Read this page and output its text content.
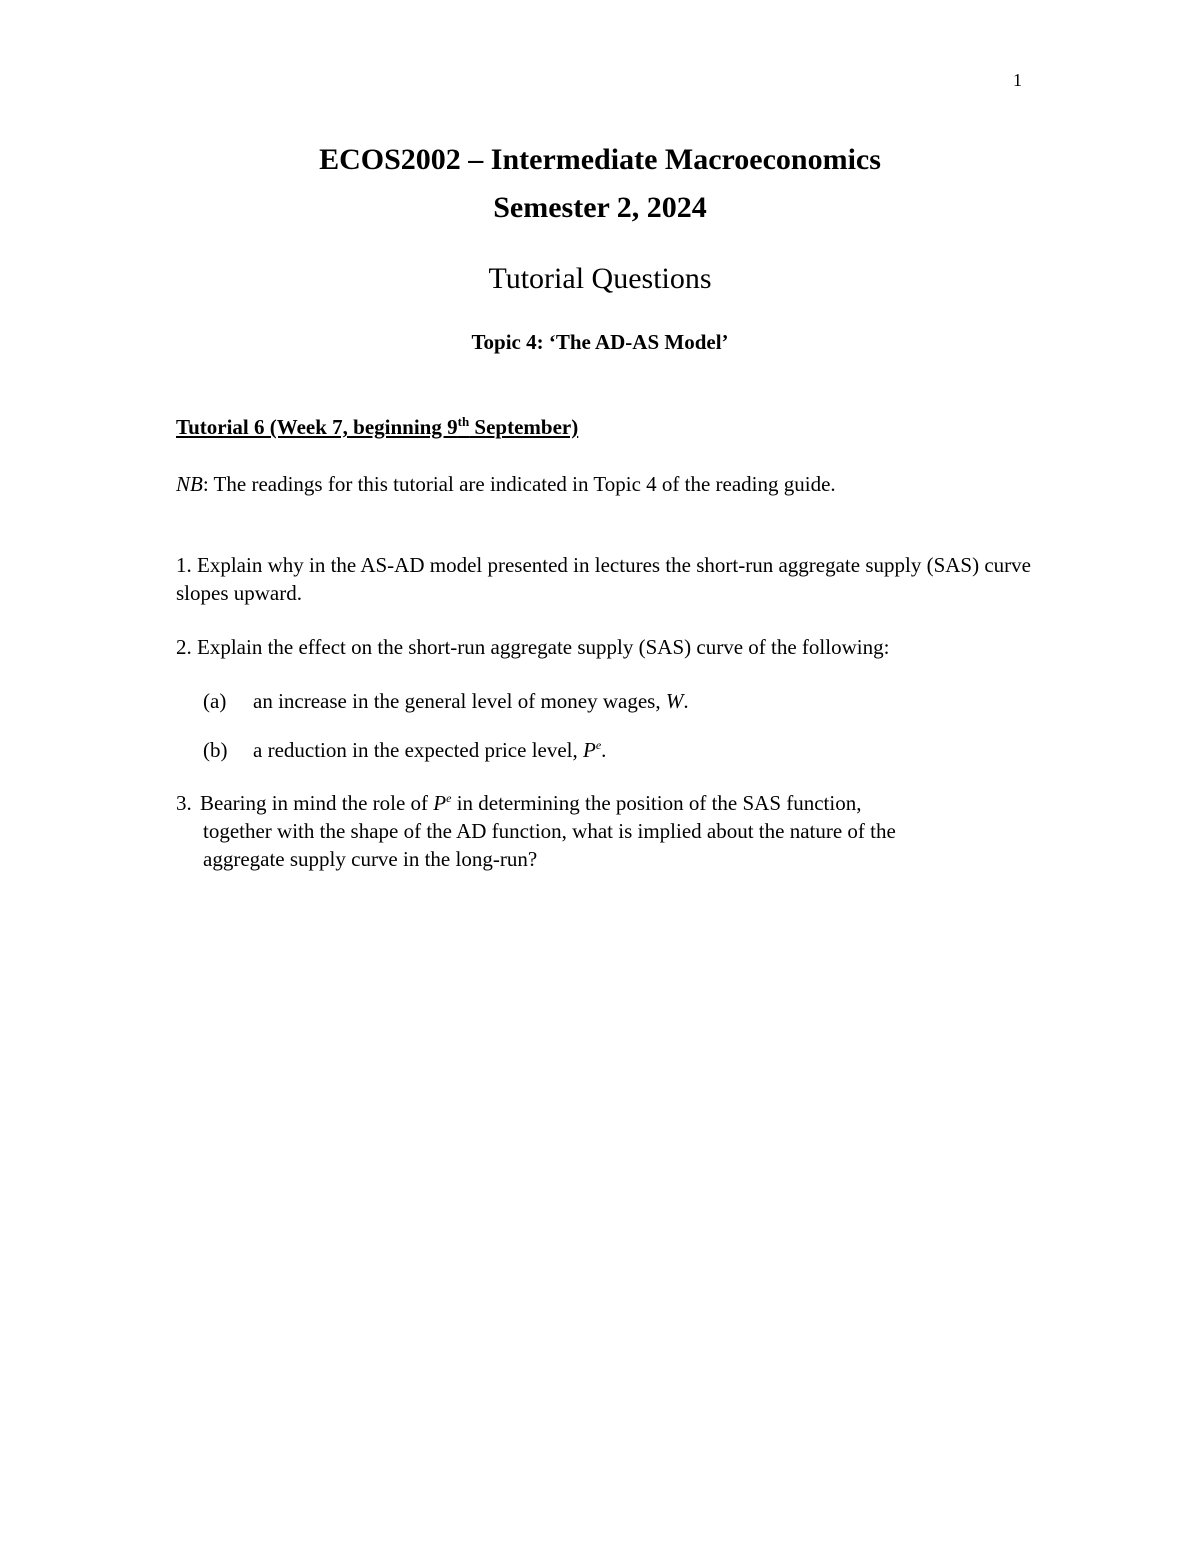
1
ECOS2002 – Intermediate Macroeconomics
Semester 2, 2024
Tutorial Questions
Topic 4: ‘The AD-AS Model’
Tutorial 6 (Week 7, beginning 9th September)
NB: The readings for this tutorial are indicated in Topic 4 of the reading guide.
1. Explain why in the AS-AD model presented in lectures the short-run aggregate supply (SAS) curve slopes upward.
2. Explain the effect on the short-run aggregate supply (SAS) curve of the following:
(a) an increase in the general level of money wages, W.
(b) a reduction in the expected price level, $P^e$.
3. Bearing in mind the role of $P^e$ in determining the position of the SAS function,
together with the shape of the AD function, what is implied about the nature of the
aggregate supply curve in the long-run?
